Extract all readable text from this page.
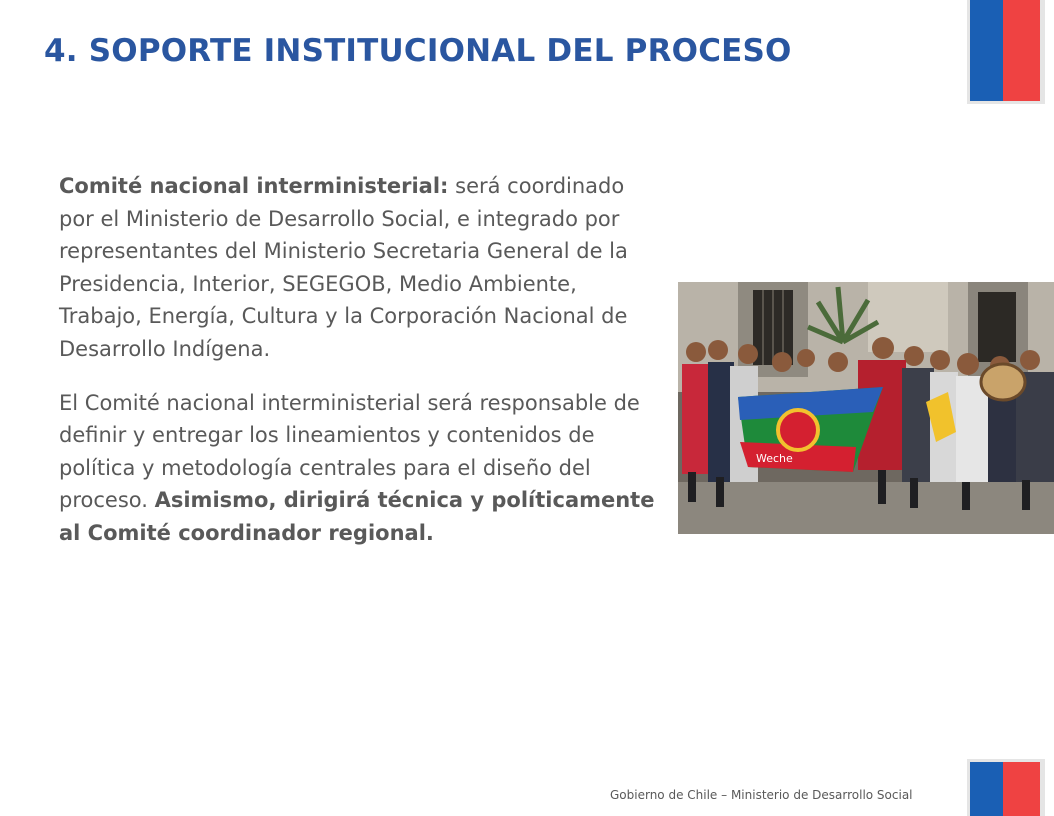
4. SOPORTE INSTITUCIONAL DEL PROCESO

Comité nacional interministerial: será coordinado por el Ministerio de Desarrollo Social, e integrado por representantes del Ministerio Secretaria General de la Presidencia, Interior, SEGEGOB, Medio Ambiente, Trabajo, Energía, Cultura y la Corporación Nacional de Desarrollo Indígena.

El Comité nacional interministerial será responsable de definir y entregar los lineamientos y contenidos de política y metodología centrales para el diseño del proceso. Asimismo, dirigirá técnica y políticamente al Comité coordinador regional.

Weche
Gobierno de Chile – Ministerio de Desarrollo Social
